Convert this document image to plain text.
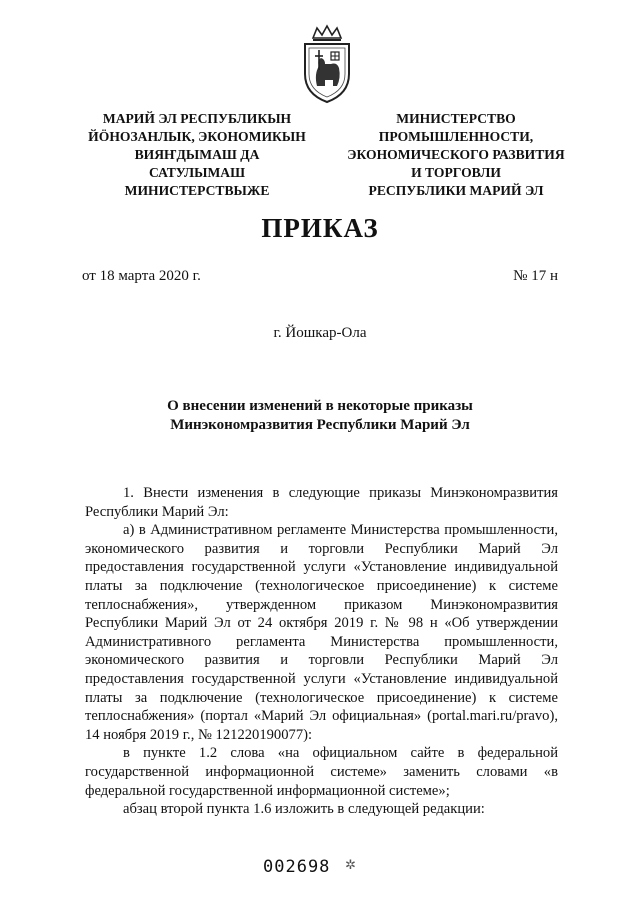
МАРИЙ ЭЛ РЕСПУБЛИКЫН
ЙÖНОЗАНЛЫК, ЭКОНОМИКЫН
ВИЯҤДЫМАШ ДА
САТУЛЫМАШ
МИНИСТЕРСТВЫЖЕ
МИНИСТЕРСТВО
ПРОМЫШЛЕННОСТИ,
ЭКОНОМИЧЕСКОГО РАЗВИТИЯ
И ТОРГОВЛИ
РЕСПУБЛИКИ МАРИЙ ЭЛ
ПРИКАЗ
от 18 марта 2020 г.	№ 17 н
г. Йошкар-Ола
О внесении изменений в некоторые приказы
Минэкономразвития Республики Марий Эл

1. Внести изменения в следующие приказы Минэкономразвития Республики Марий Эл:

а) в Административном регламенте Министерства промышленности, экономического развития и торговли Республики Марий Эл предоставления государственной услуги «Установление индивидуальной платы за подключение (технологическое присоединение) к системе теплоснабжения», утвержденном приказом Минэкономразвития Республики Марий Эл от 24 октября 2019 г. № 98 н «Об утверждении Административного регламента Министерства промышленности, экономического развития и торговли Республики Марий Эл предоставления государственной услуги «Установление индивидуальной платы за подключение (технологическое присоединение) к системе теплоснабжения» (портал «Марий Эл официальная» (portal.mari.ru/pravo), 14 ноября 2019 г., № 121220190077):

в пункте 1.2 слова «на официальном сайте в федеральной государственной информационной системе» заменить словами «в федеральной государственной информационной системе»;

абзац второй пункта 1.6 изложить в следующей редакции:

002698 ✲
